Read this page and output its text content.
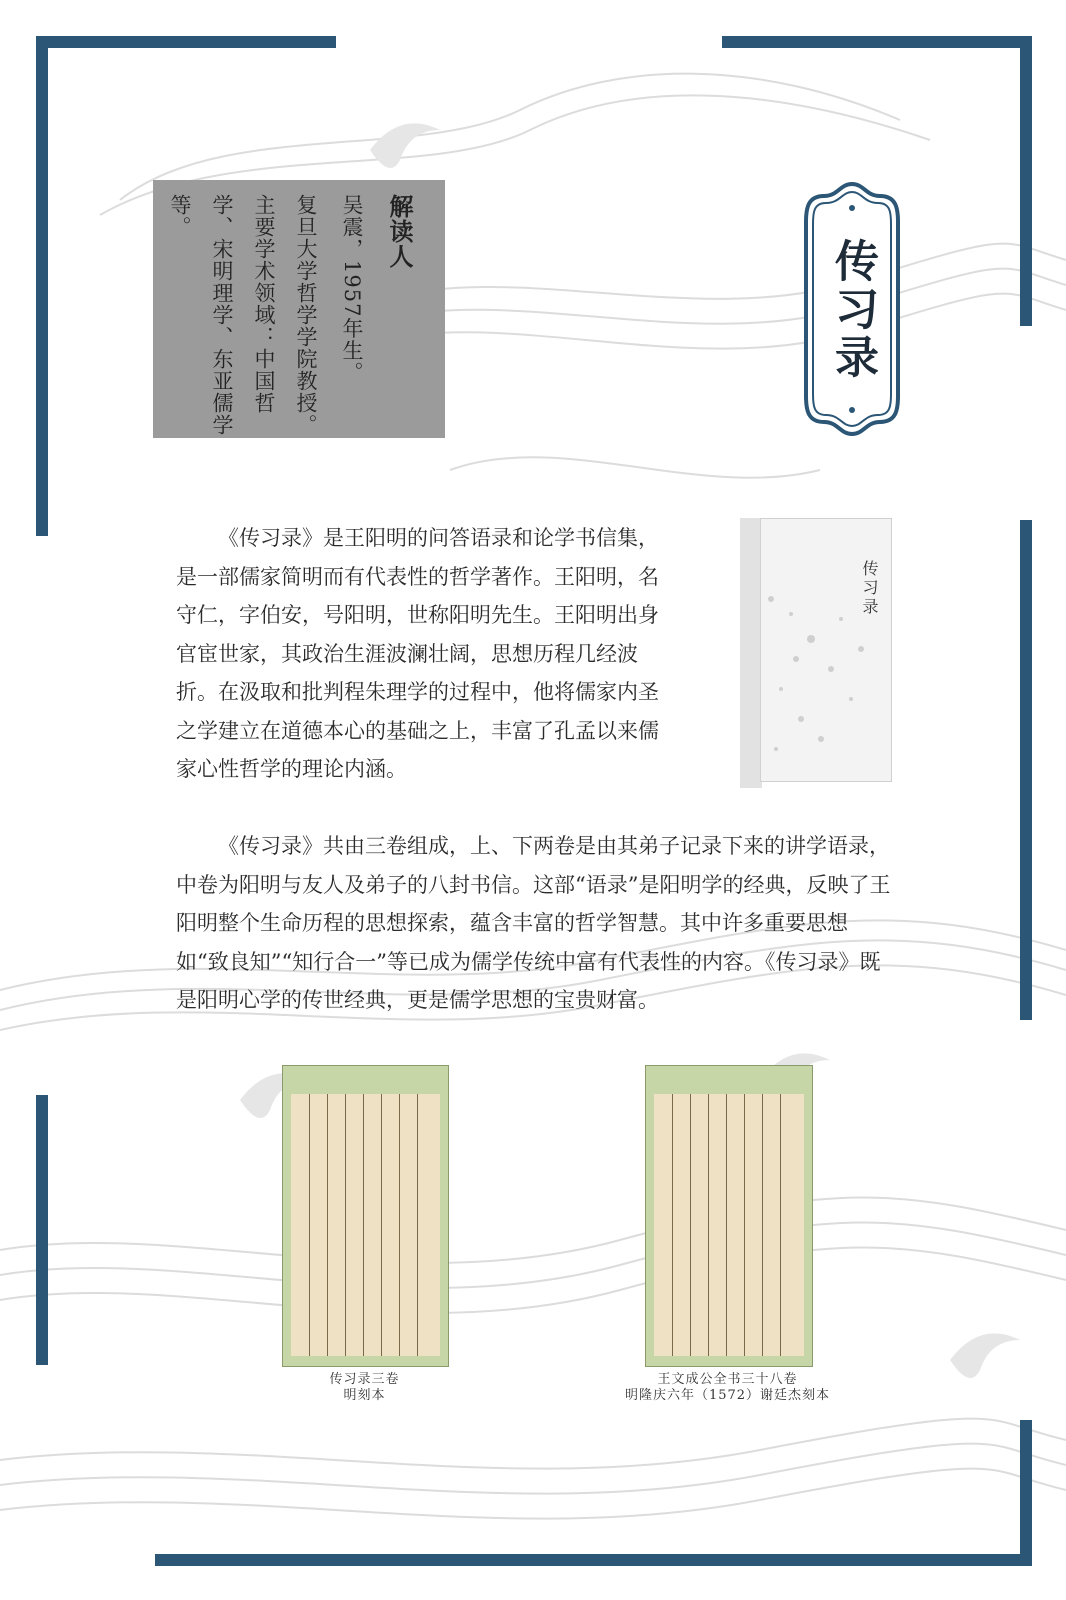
解读人
吴震，1957年生。
复旦大学哲学学院教授。
主要学术领域：中国哲
学、宋明理学、东亚儒学
等。
传习录
传习录

《传习录》是王阳明的问答语录和论学书信集，是一部儒家简明而有代表性的哲学著作。王阳明，名守仁，字伯安，号阳明，世称阳明先生。王阳明出身官宦世家，其政治生涯波澜壮阔，思想历程几经波折。在汲取和批判程朱理学的过程中，他将儒家内圣之学建立在道德本心的基础之上，丰富了孔孟以来儒家心性哲学的理论内涵。

《传习录》共由三卷组成，上、下两卷是由其弟子记录下来的讲学语录，中卷为阳明与友人及弟子的八封书信。这部“语录”是阳明学的经典，反映了王阳明整个生命历程的思想探索，蕴含丰富的哲学智慧。其中许多重要思想如“致良知”“知行合一”等已成为儒学传统中富有代表性的内容。《传习录》既是阳明心学的传世经典，更是儒学思想的宝贵财富。

传习录三卷
明刻本
王文成公全书三十八卷
明隆庆六年（1572）谢廷杰刻本
